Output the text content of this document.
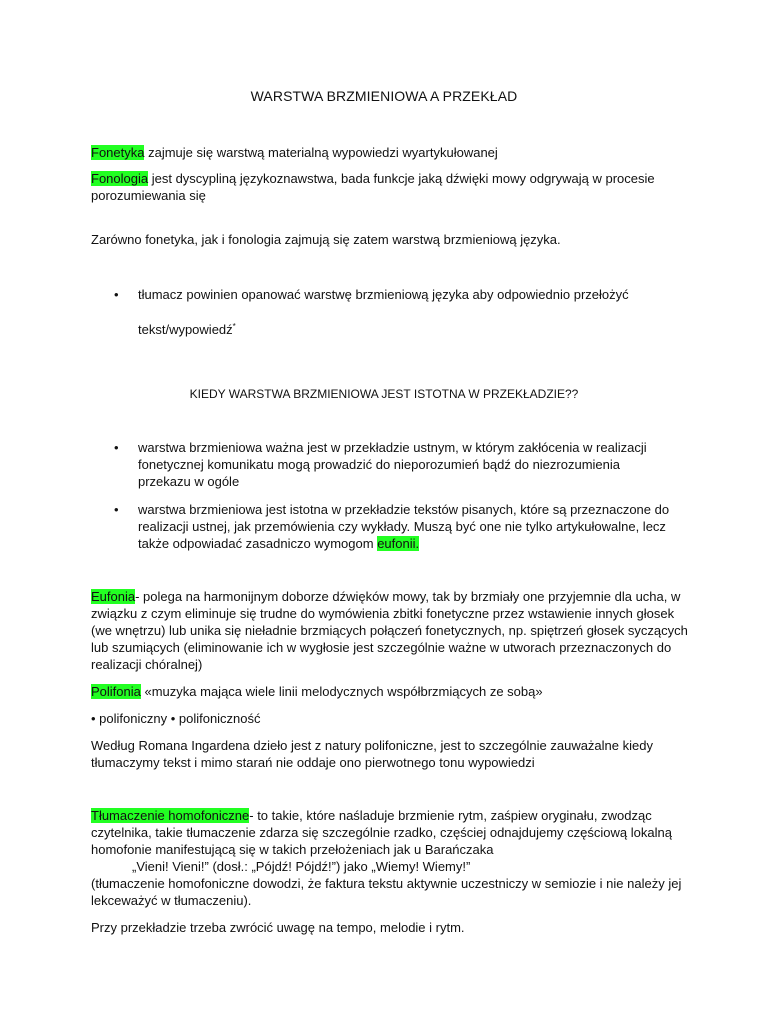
WARSTWA BRZMIENIOWA A PRZEKŁAD

Fonetyka zajmuje się warstwą materialną wypowiedzi wyartykułowanej

Fonologia jest dyscypliną językoznawstwa, bada funkcje jaką dźwięki mowy odgrywają w procesie porozumiewania się

Zarówno fonetyka, jak i fonologia zajmują się zatem warstwą brzmieniową języka.

• tłumacz powinien opanować warstwę brzmieniową języka aby odpowiednio przełożyć

tekst/wypowiedź*

KIEDY WARSTWA BRZMIENIOWA JEST ISTOTNA W PRZEKŁADZIE??

• warstwa brzmieniowa ważna jest w przekładzie ustnym, w którym zakłócenia w realizacji fonetycznej komunikatu mogą prowadzić do nieporozumień bądź do niezrozumienia przekazu w ogóle

• warstwa brzmieniowa jest istotna w przekładzie tekstów pisanych, które są przeznaczone do realizacji ustnej, jak przemówienia czy wykłady. Muszą być one nie tylko artykułowalne, lecz także odpowiadać zasadniczo wymogom eufonii.

Eufonia- polega na harmonijnym doborze dźwięków mowy, tak by brzmiały one przyjemnie dla ucha, w związku z czym eliminuje się trudne do wymówienia zbitki fonetyczne przez wstawienie innych głosek (we wnętrzu) lub unika się nieładnie brzmiących połączeń fonetycznych, np. spiętrzeń głosek syczących lub szumiących (eliminowanie ich w wygłosie jest szczególnie ważne w utworach przeznaczonych do realizacji chóralnej)

Polifonia «muzyka mająca wiele linii melodycznych współbrzmiących ze sobą»

• polifoniczny • polifoniczność

Według Romana Ingardena dzieło jest z natury polifoniczne, jest to szczególnie zauważalne kiedy tłumaczymy tekst i mimo starań nie oddaje ono pierwotnego tonu wypowiedzi

Tłumaczenie homofoniczne- to takie, które naśladuje brzmienie rytm, zaśpiew oryginału, zwodząc czytelnika, takie tłumaczenie zdarza się szczególnie rzadko, częściej odnajdujemy częściową lokalną homofonie manifestującą się w takich przełożeniach jak u Barańczaka

„Vieni! Vieni!” (dosł.: „Pójdź! Pójdź!”) jako „Wiemy! Wiemy!”

(tłumaczenie homofoniczne dowodzi, że faktura tekstu aktywnie uczestniczy w semiozie i nie należy jej lekceważyć w tłumaczeniu).

Przy przekładzie trzeba zwrócić uwagę na tempo, melodie i rytm.
